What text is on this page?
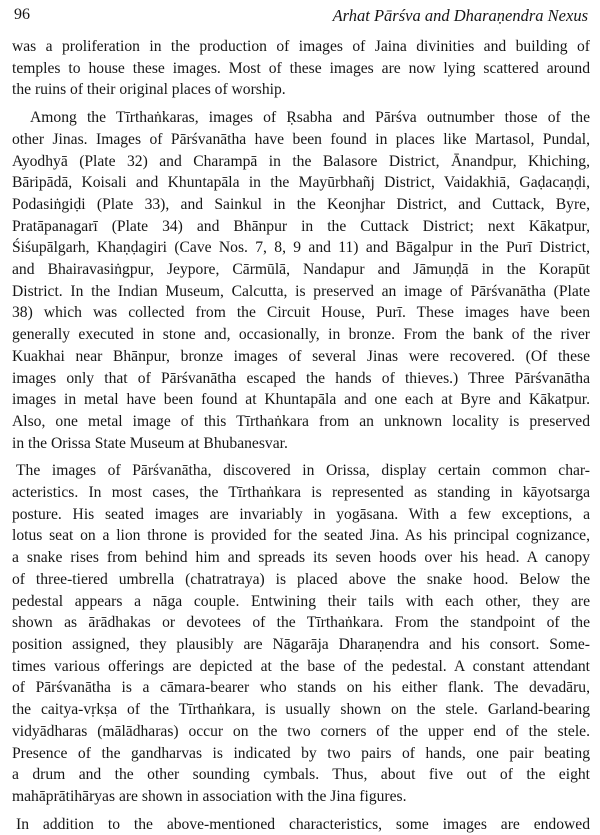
96	Arhat Pārśva and Dharaṇendra Nexus
was a proliferation in the production of images of Jaina divinities and building of
temples to house these images. Most of these images are now lying scattered around
the ruins of their original places of worship.
Among the Tīrthaṅkaras, images of Ṛsabha and Pārśva outnumber those of the
other Jinas. Images of Pārśvanātha have been found in places like Martasol, Pundal,
Ayodhyā (Plate 32) and Charampā in the Balasore District, Ānandpur, Khiching,
Bāripādā, Koisali and Khuntapāla in the Mayūrbhañj District, Vaidakhiā, Gaḍacaṇḍi,
Podasiṅgiḍi (Plate 33), and Sainkul in the Keonjhar District, and Cuttack, Byre,
Pratāpanagarī (Plate 34) and Bhānpur in the Cuttack District; next Kākatpur,
Śiśupālgarh, Khaṇḍagiri (Cave Nos. 7, 8, 9 and 11) and Bāgalpur in the Purī District,
and Bhairavasiṅgpur, Jeypore, Cārmūlā, Nandapur and Jāmuṇḍā in the Korapūt
District. In the Indian Museum, Calcutta, is preserved an image of Pārśvanātha (Plate
38) which was collected from the Circuit House, Purī. These images have been
generally executed in stone and, occasionally, in bronze. From the bank of the river
Kuakhai near Bhānpur, bronze images of several Jinas were recovered. (Of these
images only that of Pārśvanātha escaped the hands of thieves.) Three Pārśvanātha
images in metal have been found at Khuntapāla and one each at Byre and Kākatpur.
Also, one metal image of this Tīrthaṅkara from an unknown locality is preserved
in the Orissa State Museum at Bhubanesvar.
The images of Pārśvanātha, discovered in Orissa, display certain common char-
acteristics. In most cases, the Tīrthaṅkara is represented as standing in kāyotsarga
posture. His seated images are invariably in yogāsana. With a few exceptions, a
lotus seat on a lion throne is provided for the seated Jina. As his principal cognizance,
a snake rises from behind him and spreads its seven hoods over his head. A canopy
of three-tiered umbrella (chatratraya) is placed above the snake hood. Below the
pedestal appears a nāga couple. Entwining their tails with each other, they are
shown as ārādhakas or devotees of the Tīrthaṅkara. From the standpoint of the
position assigned, they plausibly are Nāgarāja Dharaṇendra and his consort. Some-
times various offerings are depicted at the base of the pedestal. A constant attendant
of Pārśvanātha is a cāmara-bearer who stands on his either flank. The devadāru,
the caitya-vṛkṣa of the Tīrthaṅkara, is usually shown on the stele. Garland-bearing
vidyādharas (mālādharas) occur on the two corners of the upper end of the stele.
Presence of the gandharvas is indicated by two pairs of hands, one pair beating
a drum and the other sounding cymbals. Thus, about five out of the eight
mahāprātihāryas are shown in association with the Jina figures.
In addition to the above-mentioned characteristics, some images are endowed
